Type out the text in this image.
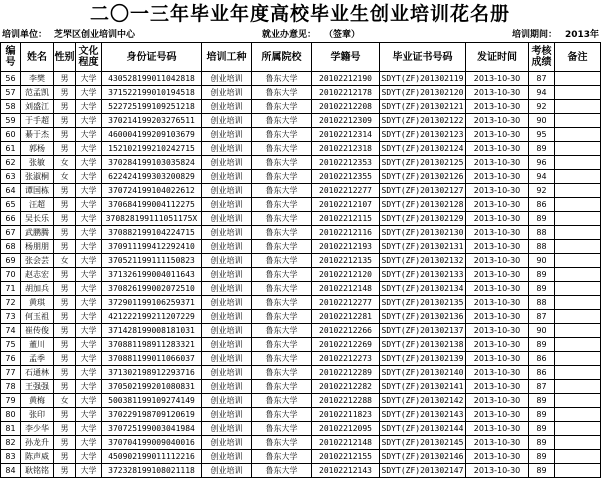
二〇一三年毕业年度高校毕业生创业培训花名册
培训单位： 芝罘区创业培训中心	就业办意见： （签章）	培训期间： 2013年
编号	姓名	性别	文化程度	身份证号码	培训工种	所属院校	学籍号	毕业证书号码	发证时间	考核成绩	备注
56	李樊	男	大学	430528199011042818	创业培训	鲁东大学	20102212190	SDYT(ZF)201302119	2013-10-30	87	
57	范孟凯	男	大学	371522199010194518	创业培训	鲁东大学	20102212178	SDYT(ZF)201302120	2013-10-30	94	
58	刘盛江	男	大学	522725199109251218	创业培训	鲁东大学	20102212208	SDYT(ZF)201302121	2013-10-30	92	
59	于手超	男	大学	370214199203276511	创业培训	鲁东大学	20102212309	SDYT(ZF)201302122	2013-10-30	90	
60	綦于杰	男	大学	460004199209103679	创业培训	鲁东大学	20102212314	SDYT(ZF)201302123	2013-10-30	95	
61	郭杨	男	大学	152102199210242715	创业培训	鲁东大学	20102212318	SDYT(ZF)201302124	2013-10-30	89	
62	张敏	女	大学	370284199103035824	创业培训	鲁东大学	20102212353	SDYT(ZF)201302125	2013-10-30	96	
63	张淑桐	女	大学	622424199303200829	创业培训	鲁东大学	20102212355	SDYT(ZF)201302126	2013-10-30	94	
64	谭国栋	男	大学	370724199104022612	创业培训	鲁东大学	20102212277	SDYT(ZF)201302127	2013-10-30	92	
65	汪超	男	大学	370684199004112275	创业培训	鲁东大学	20102212107	SDYT(ZF)201302128	2013-10-30	86	
66	吴长乐	男	大学	370828199111051175X	创业培训	鲁东大学	20102212115	SDYT(ZF)201302129	2013-10-30	89	
67	武鹏腾	男	大学	370882199104224715	创业培训	鲁东大学	20102212116	SDYT(ZF)201302130	2013-10-30	88	
68	杨朋朋	男	大学	370911199412292410	创业培训	鲁东大学	20102212193	SDYT(ZF)201302131	2013-10-30	88	
69	张会芸	女	大学	370521199111150823	创业培训	鲁东大学	20102212135	SDYT(ZF)201302132	2013-10-30	90	
70	赵志宏	男	大学	371326199004011643	创业培训	鲁东大学	20102212120	SDYT(ZF)201302133	2013-10-30	89	
71	胡加兵	男	大学	370826199002072510	创业培训	鲁东大学	20102212148	SDYT(ZF)201302134	2013-10-30	89	
72	黄琪	男	大学	372901199106259371	创业培训	鲁东大学	20102212277	SDYT(ZF)201302135	2013-10-30	88	
73	何玉祖	男	大学	421222199211207229	创业培训	鲁东大学	20102212281	SDYT(ZF)201302136	2013-10-30	87	
74	崔传俊	男	大学	371428199008181031	创业培训	鲁东大学	20102212266	SDYT(ZF)201302137	2013-10-30	90	
75	董川	男	大学	370881198911283321	创业培训	鲁东大学	20102212269	SDYT(ZF)201302138	2013-10-30	89	
76	孟季	男	大学	370881199011066037	创业培训	鲁东大学	20102212273	SDYT(ZF)201302139	2013-10-30	86	
77	石通林	男	大学	371302198912293716	创业培训	鲁东大学	20102212289	SDYT(ZF)201302140	2013-10-30	86	
78	王强强	男	大学	370502199201080831	创业培训	鲁东大学	20102212282	SDYT(ZF)201302141	2013-10-30	87	
79	黄梅	女	大学	500381199109274149	创业培训	鲁东大学	20102212288	SDYT(ZF)201302142	2013-10-30	89	
80	张印	男	大学	370229198709120619	创业培训	鲁东大学	20102211823	SDYT(ZF)201302143	2013-10-30	89	
81	李少华	男	大学	370725199003041984	创业培训	鲁东大学	20102212095	SDYT(ZF)201302144	2013-10-30	89	
82	孙龙升	男	大学	370704199009040016	创业培训	鲁东大学	20102212148	SDYT(ZF)201302145	2013-10-30	89	
83	陈声威	男	大学	450902199011112216	创业培训	鲁东大学	20102212155	SDYT(ZF)201302146	2013-10-30	89	
84	耿铭铭	男	大学	372328199108021118	创业培训	鲁东大学	20102212143	SDYT(ZF)201302147	2013-10-30	89	
